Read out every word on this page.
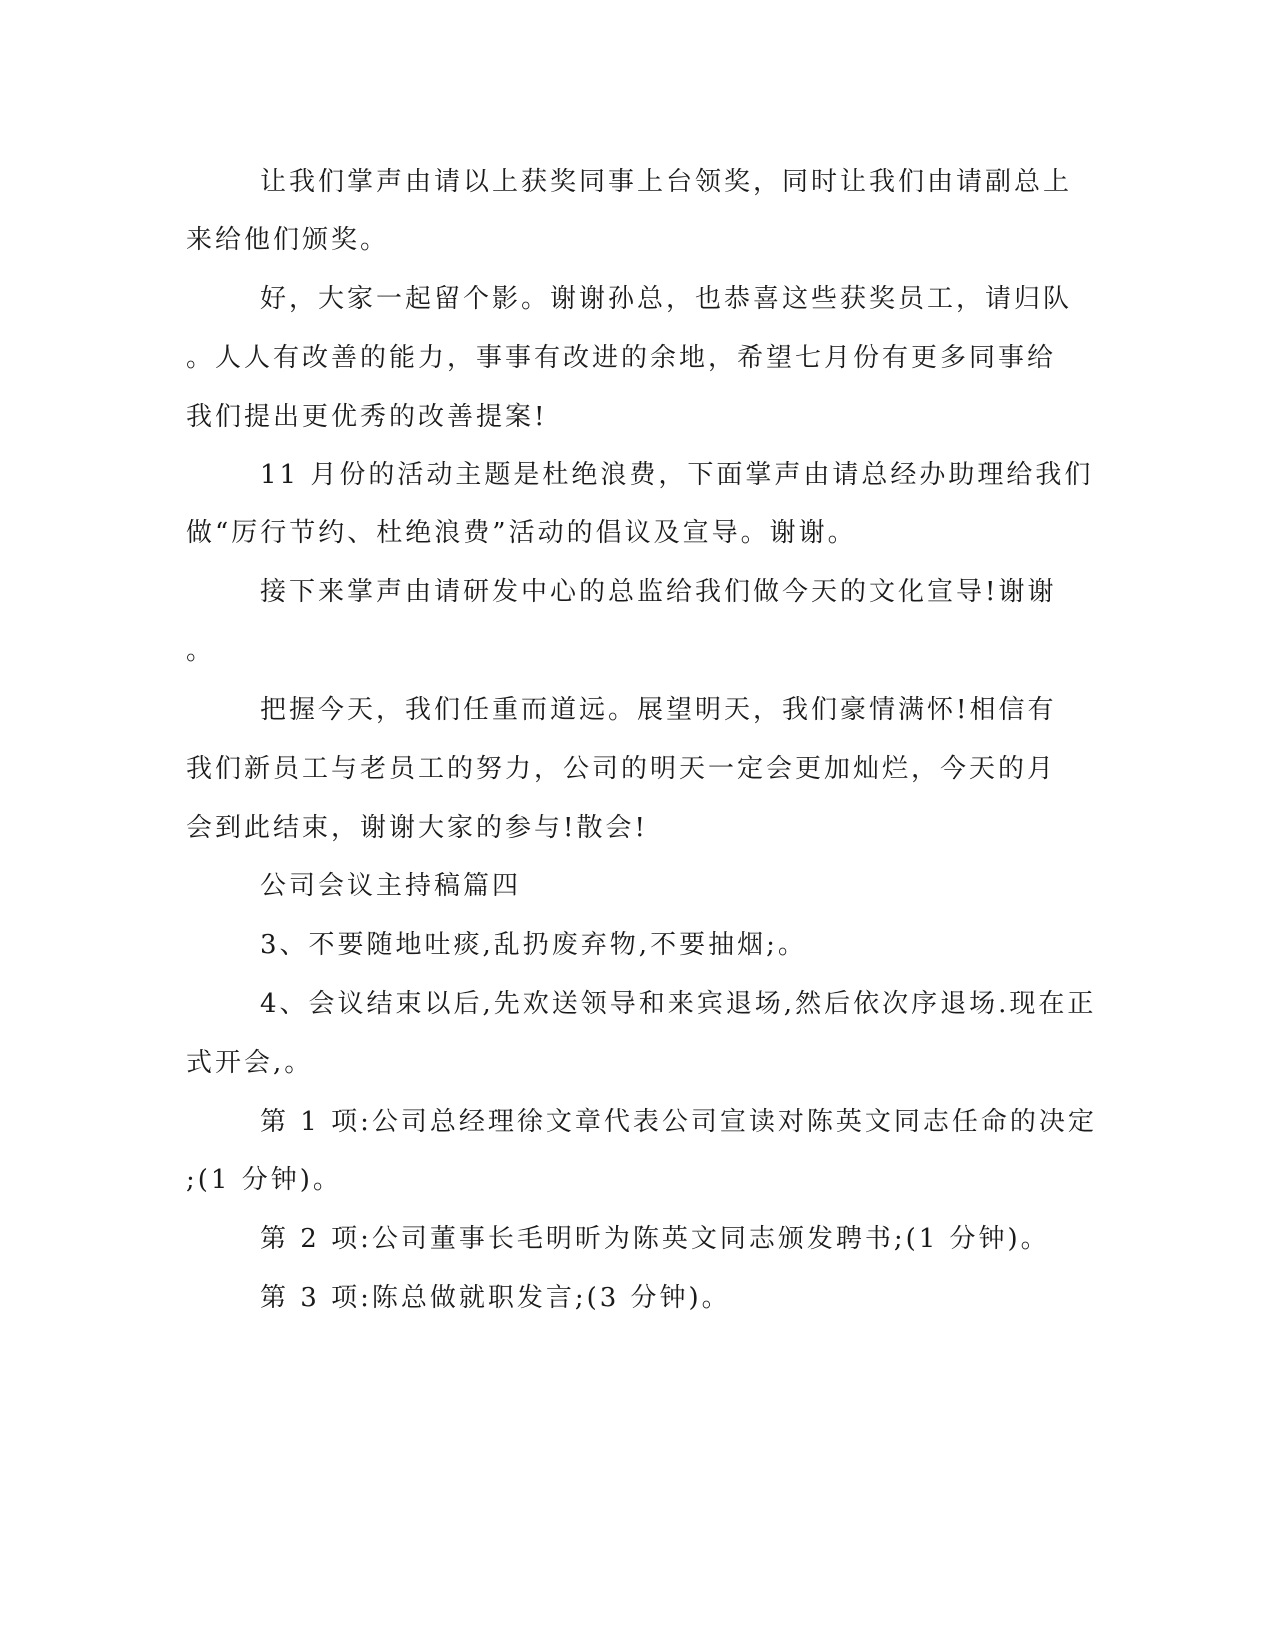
让我们掌声由请以上获奖同事上台领奖，同时让我们由请副总上
来给他们颁奖。
好，大家一起留个影。谢谢孙总，也恭喜这些获奖员工，请归队
。人人有改善的能力，事事有改进的余地，希望七月份有更多同事给
我们提出更优秀的改善提案!
11 月份的活动主题是杜绝浪费，下面掌声由请总经办助理给我们
做“厉行节约、杜绝浪费”活动的倡议及宣导。谢谢。
接下来掌声由请研发中心的总监给我们做今天的文化宣导!谢谢
。
把握今天，我们任重而道远。展望明天，我们豪情满怀!相信有
我们新员工与老员工的努力，公司的明天一定会更加灿烂，今天的月
会到此结束，谢谢大家的参与!散会!
公司会议主持稿篇四
3、不要随地吐痰,乱扔废弃物,不要抽烟;。
4、会议结束以后,先欢送领导和来宾退场,然后依次序退场.现在正
式开会,。
第 1 项:公司总经理徐文章代表公司宣读对陈英文同志任命的决定
;(1 分钟)。
第 2 项:公司董事长毛明昕为陈英文同志颁发聘书;(1 分钟)。
第 3 项:陈总做就职发言;(3 分钟)。
